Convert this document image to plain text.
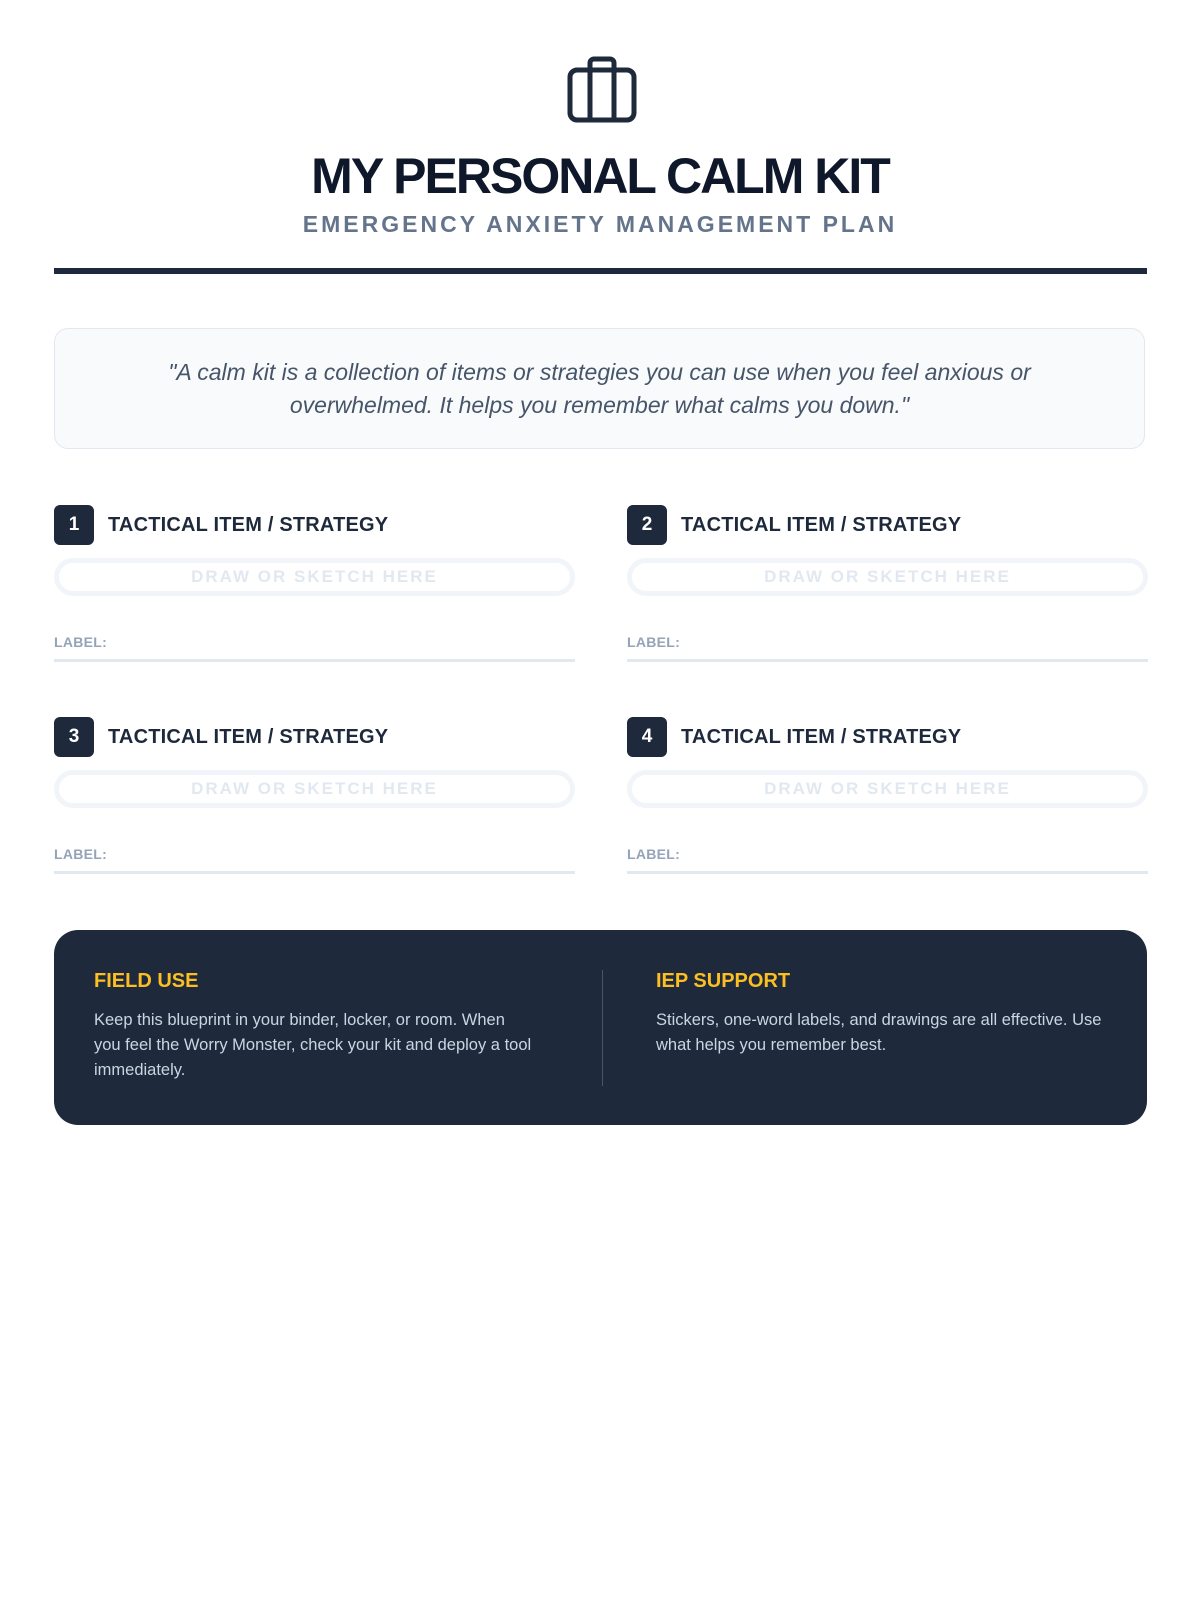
MY PERSONAL CALM KIT
EMERGENCY ANXIETY MANAGEMENT PLAN
"A calm kit is a collection of items or strategies you can use when you feel anxious or overwhelmed. It helps you remember what calms you down."
1	TACTICAL ITEM / STRATEGY
DRAW OR SKETCH HERE
LABEL:
2	TACTICAL ITEM / STRATEGY
DRAW OR SKETCH HERE
LABEL:
3	TACTICAL ITEM / STRATEGY
DRAW OR SKETCH HERE
LABEL:
4	TACTICAL ITEM / STRATEGY
DRAW OR SKETCH HERE
LABEL:
FIELD USE
Keep this blueprint in your binder, locker, or room. When you feel the Worry Monster, check your kit and deploy a tool immediately.
IEP SUPPORT
Stickers, one-word labels, and drawings are all effective. Use what helps you remember best.
